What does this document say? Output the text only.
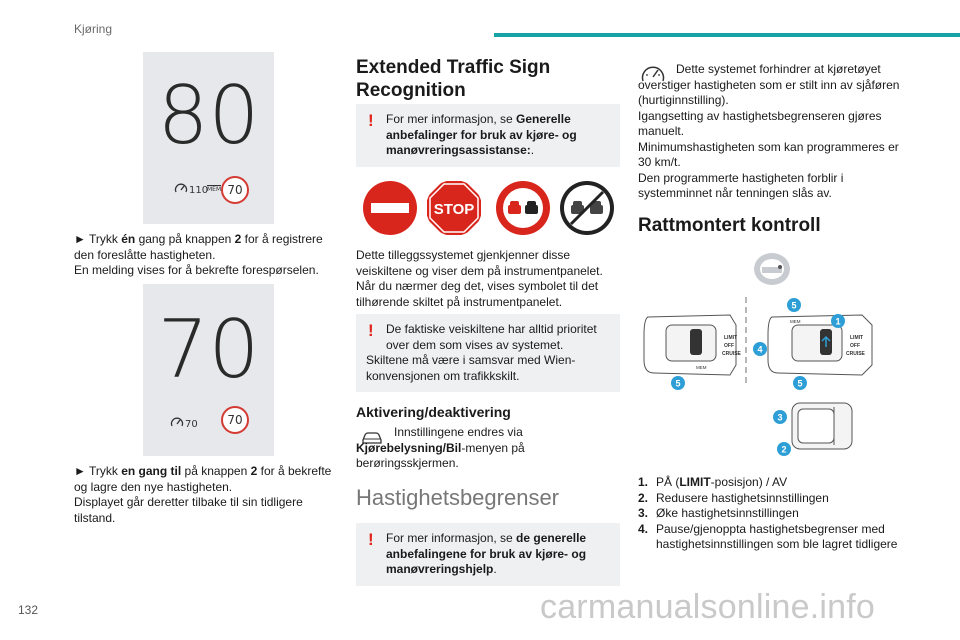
Kjøring
80
110
MEM 70
► Trykk én gang på knappen 2 for å registrere den foreslåtte hastigheten.
En melding vises for å bekrefte forespørselen.
70
70	70
► Trykk en gang til på knappen 2 for å bekrefte og lagre den nye hastigheten.
Displayet går deretter tilbake til sin tidligere tilstand.
Extended Traffic Sign Recognition
! For mer informasjon, se Generelle anbefalinger for bruk av kjøre- og manøvreringsassistanse:.
STOP
Dette tilleggssystemet gjenkjenner disse veiskiltene og viser dem på instrumentpanelet. Når du nærmer deg det, vises symbolet til det tilhørende skiltet på instrumentpanelet.
! De faktiske veiskiltene har alltid prioritet over dem som vises av systemet.
Skiltene må være i samsvar med Wien-konvensjonen om trafikkskilt.
Aktivering/deaktivering
Innstillingene endres via Kjørebelysning/Bil-menyen på berøringsskjermen.
Hastighetsbegrenser
! For mer informasjon, se de generelle anbefalingene for bruk av kjøre- og manøvreringshjelp.
Dette systemet forhindrer at kjøretøyet overstiger hastigheten som er stilt inn av sjåføren (hurtiginnstilling).
Igangsetting av hastighetsbegrenseren gjøres manuelt.
Minimumshastigheten som kan programmeres er 30 km/t.
Den programmerte hastigheten forblir i systemminnet når tenningen slås av.
Rattmontert kontroll
LIMIT
OFF
CRUISE
MEM
LIMIT
OFF
CRUISE
MEM
5
1
4
5	5
3
2
1. PÅ (LIMIT-posisjon) / AV
2. Redusere hastighetsinnstillingen
3. Øke hastighetsinnstillingen
4. Pause/gjenoppta hastighetsbegrenser med hastighetsinnstillingen som ble lagret tidligere
132	carmanualsonline.info
